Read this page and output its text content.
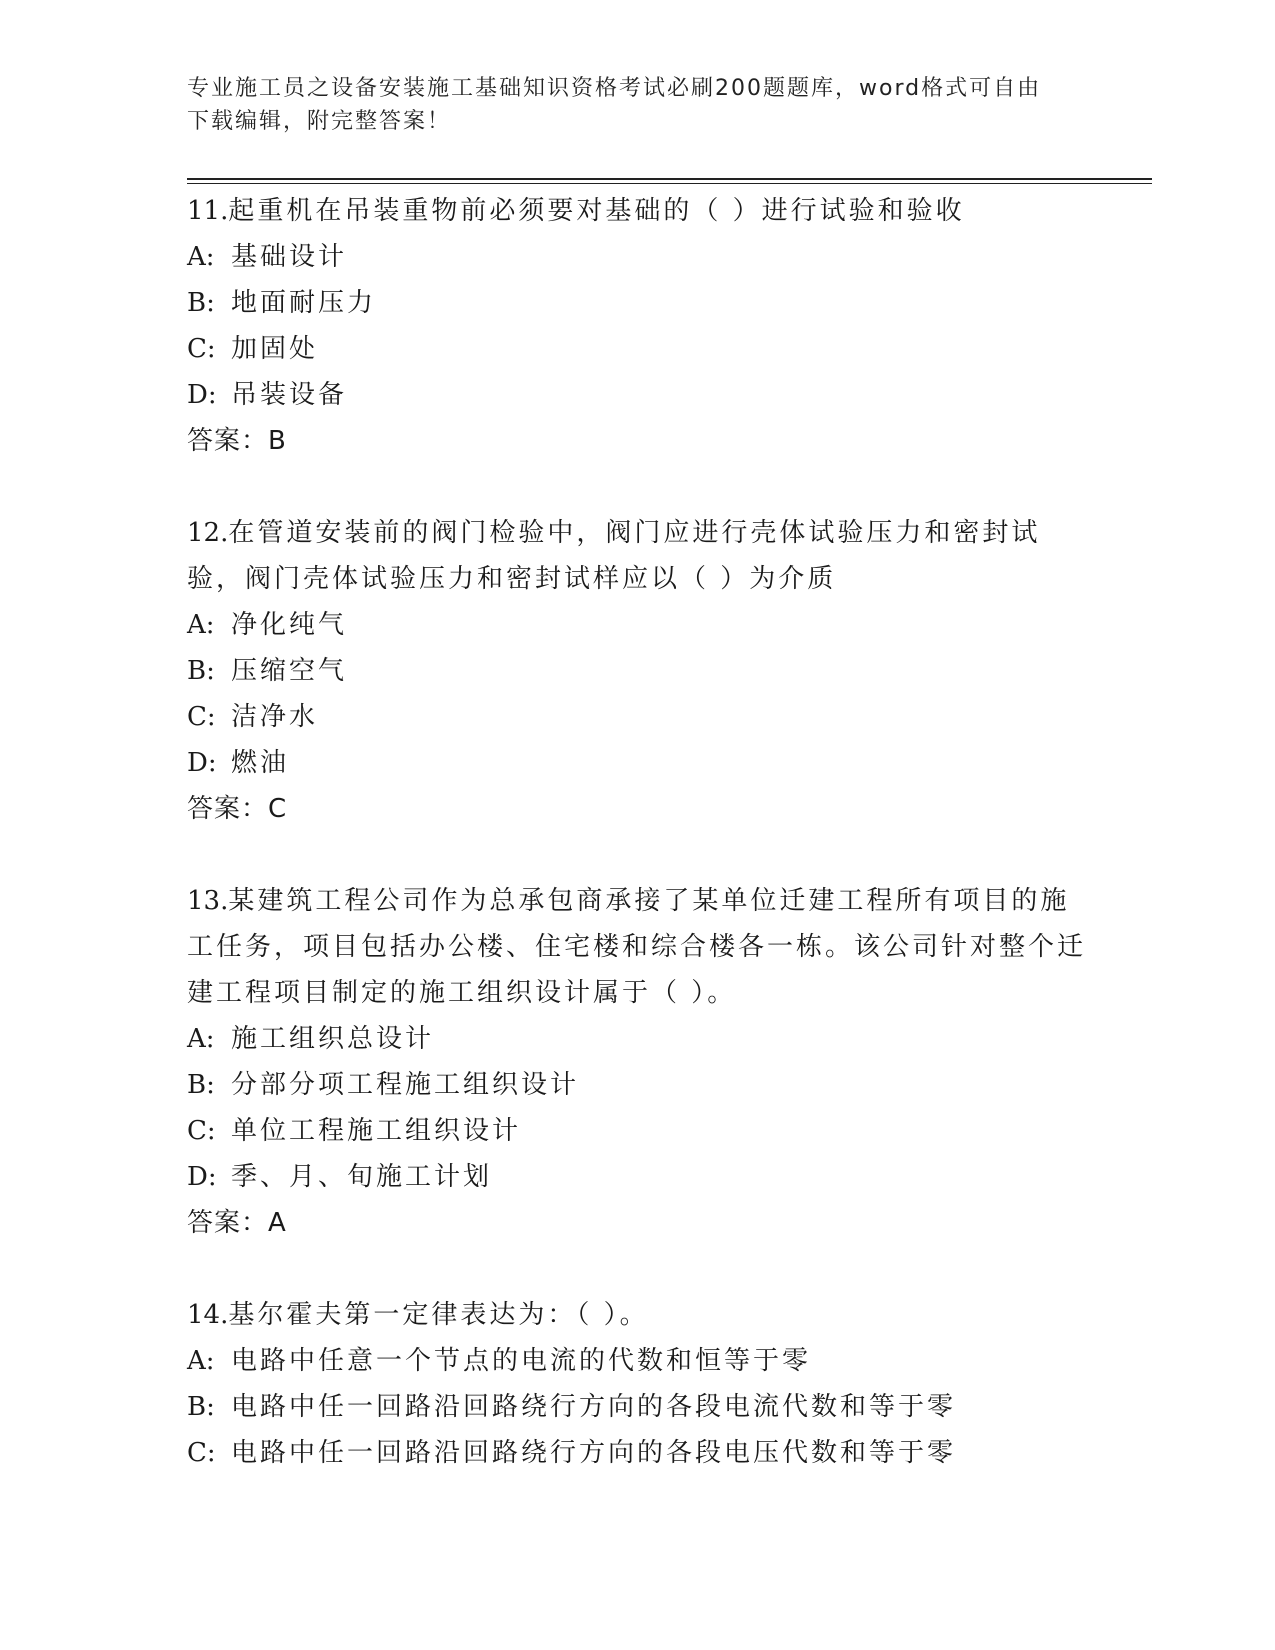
专业施工员之设备安装施工基础知识资格考试必刷200题题库，word格式可自由
下载编辑，附完整答案！
11.起重机在吊装重物前必须要对基础的（ ）进行试验和验收
A: 基础设计
B: 地面耐压力
C: 加固处
D: 吊装设备
答案：B
12.在管道安装前的阀门检验中，阀门应进行壳体试验压力和密封试验，阀门壳体试验压力和密封试样应以（ ）为介质
A: 净化纯气
B: 压缩空气
C: 洁净水
D: 燃油
答案：C
13.某建筑工程公司作为总承包商承接了某单位迁建工程所有项目的施工任务，项目包括办公楼、住宅楼和综合楼各一栋。该公司针对整个迁建工程项目制定的施工组织设计属于（ ）。
A: 施工组织总设计
B: 分部分项工程施工组织设计
C: 单位工程施工组织设计
D: 季、月、旬施工计划
答案：A
14.基尔霍夫第一定律表达为：（ ）。
A: 电路中任意一个节点的电流的代数和恒等于零
B: 电路中任一回路沿回路绕行方向的各段电流代数和等于零
C: 电路中任一回路沿回路绕行方向的各段电压代数和等于零
